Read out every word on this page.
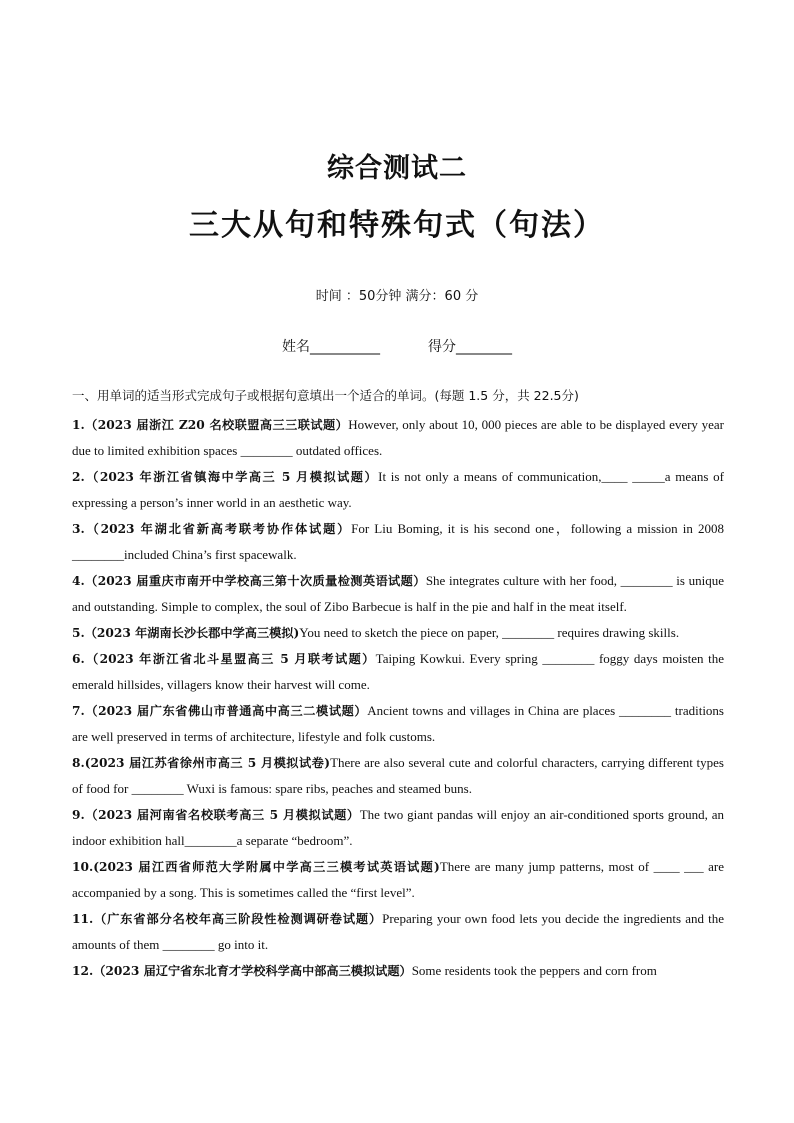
综合测试二
三大从句和特殊句式（句法）
时间 ：50分钟 满分：60 分
姓名__________	得分________
一、用单词的适当形式完成句子或根据句意填出一个适合的单词。(每题 1.5 分，共 22.5分)
1.（2023 届浙江 Z20 名校联盟高三三联试题）However, only about 10, 000 pieces are able to be displayed every year due to limited exhibition spaces ________ outdated offices.
2.（2023 年浙江省镇海中学高三 5 月模拟试题）It is not only a means of communication,____ _____a means of expressing a person’s inner world in an aesthetic way.
3.（2023 年湖北省新高考联考协作体试题）For Liu Boming, it is his second one，following a mission in 2008 ________included China’s first spacewalk.
4.（2023 届重庆市南开中学校高三第十次质量检测英语试题）She integrates culture with her food, ________ is unique and outstanding. Simple to complex, the soul of Zibo Barbecue is half in the pie and half in the meat itself.
5.（2023 年湖南长沙长郡中学高三模拟)You need to sketch the piece on paper, ________ requires drawing skills.
6.（2023 年浙江省北斗星盟高三 5 月联考试题）Taiping Kowkui. Every spring ________ foggy days moisten the emerald hillsides, villagers know their harvest will come.
7.（2023 届广东省佛山市普通高中高三二模试题）Ancient towns and villages in China are places ________ traditions are well preserved in terms of architecture, lifestyle and folk customs.
8.(2023 届江苏省徐州市高三 5 月模拟试卷)There are also several cute and colorful characters, carrying different types of food for ________ Wuxi is famous: spare ribs, peaches and steamed buns.
9.（2023 届河南省名校联考高三 5 月模拟试题）The two giant pandas will enjoy an air-conditioned sports ground, an indoor exhibition hall________a separate “bedroom”.
10.(2023 届江西省师范大学附属中学高三三模考试英语试题)There are many jump patterns, most of ____ ___ are accompanied by a song. This is sometimes called the “first level”.
11.（广东省部分名校年高三阶段性检测调研卷试题）Preparing your own food lets you decide the ingredients and the amounts of them ________ go into it.
12.（2023 届辽宁省东北育才学校科学高中部高三模拟试题）Some residents took the peppers and corn from
